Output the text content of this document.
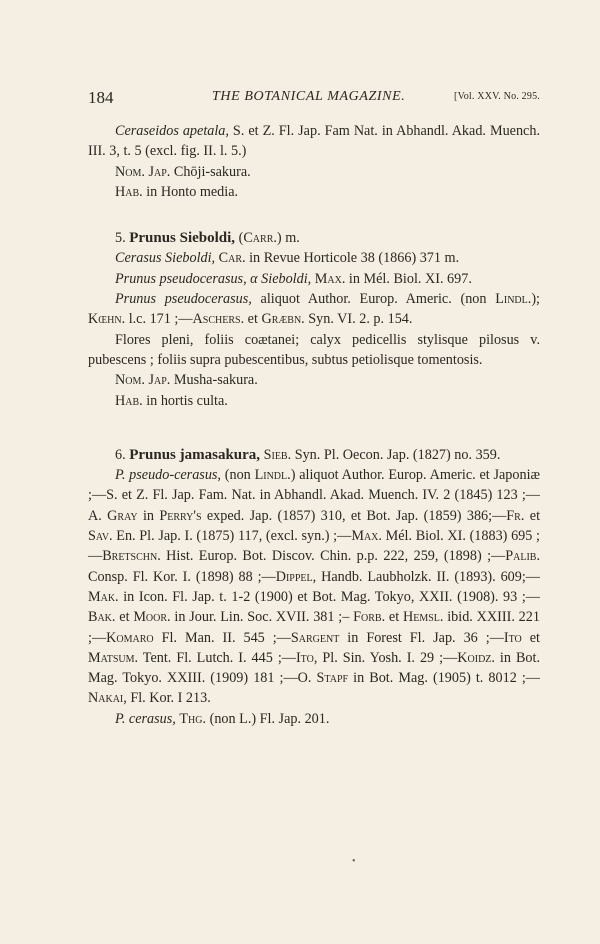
184	THE BOTANICAL MAGAZINE.	[Vol. XXV. No. 295.

Ceraseidos apetala, S. et Z. Fl. Jap. Fam Nat. in Abhandl. Akad. Muench. III. 3, t. 5 (excl. fig. II. l. 5.)

Nom. Jap. Chōji-sakura.

Hab. in Honto media.

5. Prunus Sieboldi, (Carr.) m.

Cerasus Sieboldi, Car. in Revue Horticole 38 (1866) 371 m.

Prunus pseudocerasus, α Sieboldi, Max. in Mél. Biol. XI. 697.

Prunus pseudocerasus, aliquot Author. Europ. Americ. (non Lindl.); Kœhn. l.c. 171 ;—Aschers. et Græbn. Syn. VI. 2. p. 154.

Flores pleni, foliis coætanei; calyx pedicellis stylisque pilosus v. pubescens ; foliis supra pubescentibus, subtus petiolisque tomentosis.

Nom. Jap. Musha-sakura.

Hab. in hortis culta.

6. Prunus jamasakura, Sieb. Syn. Pl. Oecon. Jap. (1827) no. 359.

P. pseudo-cerasus, (non Lindl.) aliquot Author. Europ. Americ. et Japoniæ ;—S. et Z. Fl. Jap. Fam. Nat. in Abhandl. Akad. Muench. IV. 2 (1845) 123 ;—A. Gray in Perry's exped. Jap. (1857) 310, et Bot. Jap. (1859) 386;—Fr. et Sav. En. Pl. Jap. I. (1875) 117, (excl. syn.) ;—Max. Mél. Biol. XI. (1883) 695 ;—Bretschn. Hist. Europ. Bot. Discov. Chin. p.p. 222, 259, (1898) ;—Palib. Consp. Fl. Kor. I. (1898) 88 ;—Dippel, Handb. Laubholzk. II. (1893). 609;—Mak. in Icon. Fl. Jap. t. 1-2 (1900) et Bot. Mag. Tokyo, XXII. (1908). 93 ;—Bak. et Moor. in Jour. Lin. Soc. XVII. 381 ;– Forb. et Hemsl. ibid. XXIII. 221 ;—Komaro Fl. Man. II. 545 ;—Sargent in Forest Fl. Jap. 36 ;—Ito et Matsum. Tent. Fl. Lutch. I. 445 ;—Ito, Pl. Sin. Yosh. I. 29 ;—Koidz. in Bot. Mag. Tokyo. XXIII. (1909) 181 ;—O. Stapf in Bot. Mag. (1905) t. 8012 ;—Nakai, Fl. Kor. I 213.

P. cerasus, Thg. (non L.) Fl. Jap. 201.

•
